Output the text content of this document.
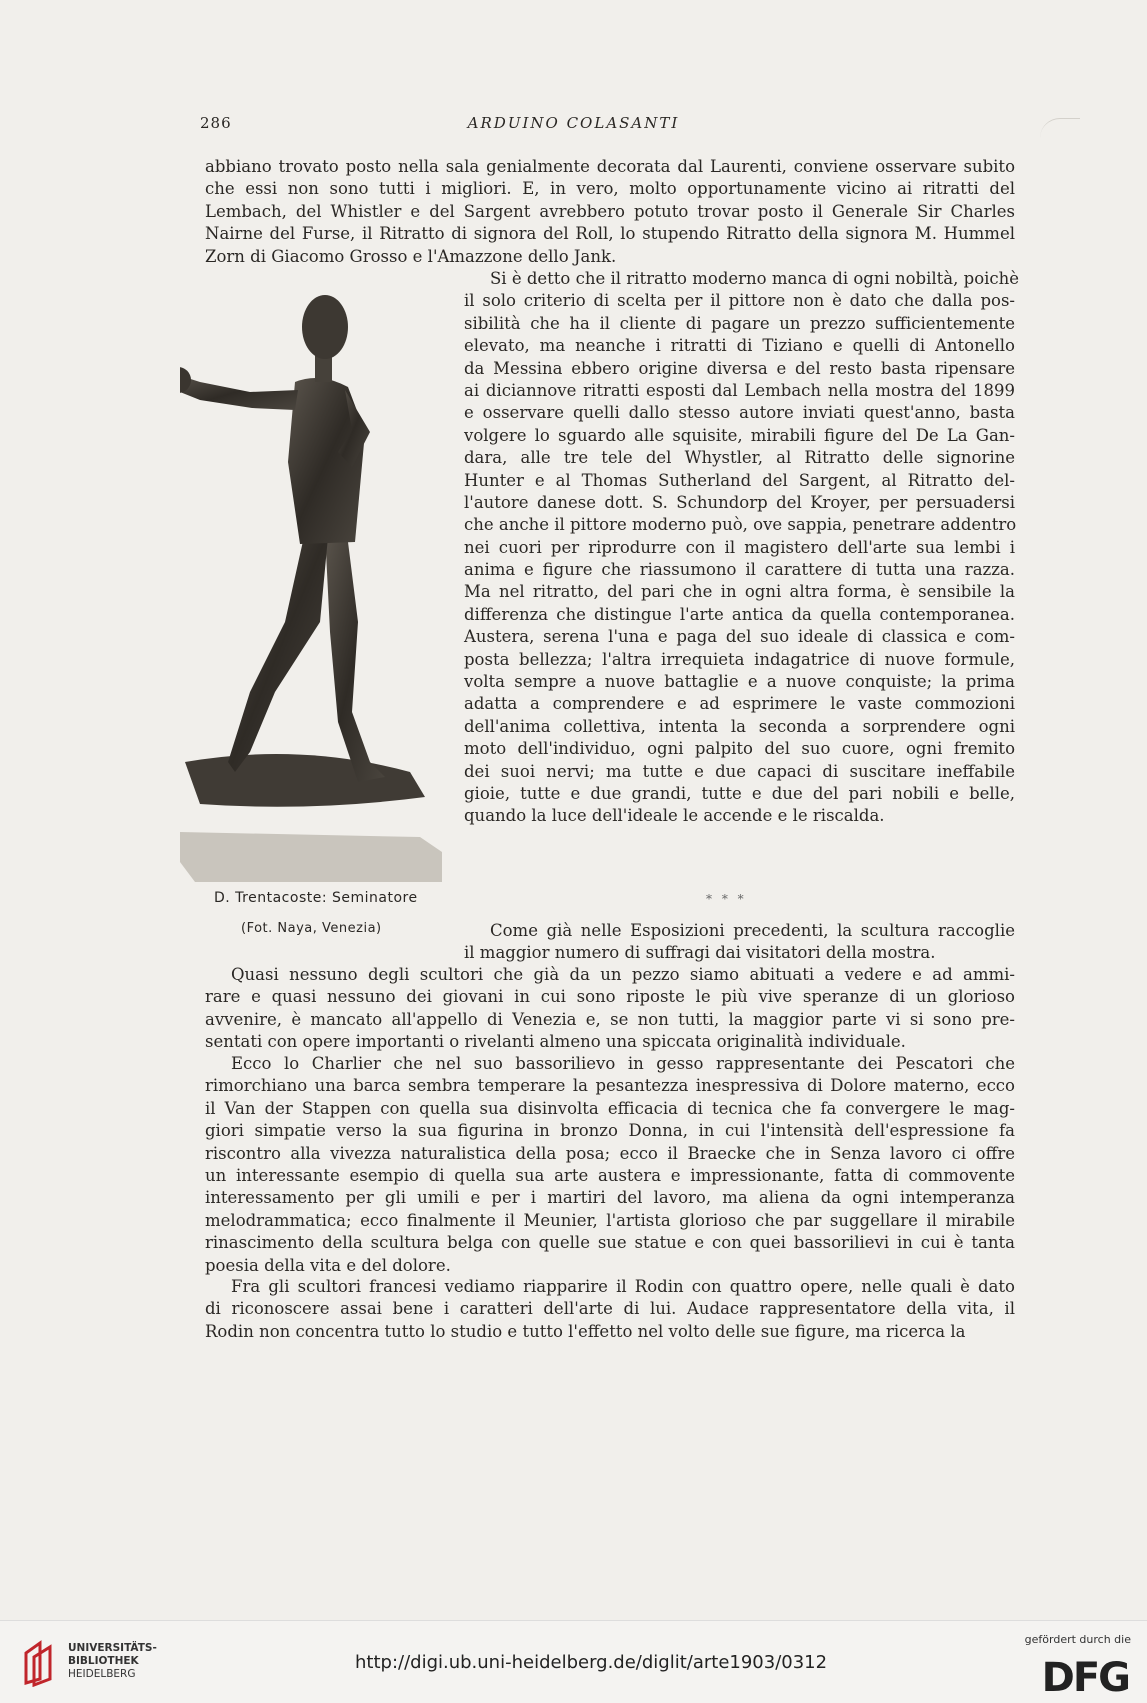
286	ARDUINO COLASANTI
abbiano trovato posto nella sala genialmente decorata dal Laurenti, conviene osservare subito
che essi non sono tutti i migliori. E, in vero, molto opportunamente vicino ai ritratti del
Lembach, del Whistler e del Sargent avrebbero potuto trovar posto il Generale Sir Charles
Nairne del Furse, il Ritratto di signora del Roll, lo stupendo Ritratto della signora M. Hummel
Zorn di Giacomo Grosso e l'Amazzone dello Jank.
Si è detto che il ritratto moderno manca di ogni nobiltà, poichè
il solo criterio di scelta per il pittore non è dato che dalla pos-
sibilità che ha il cliente di pagare un prezzo sufficientemente
elevato, ma neanche i ritratti di Tiziano e quelli di Antonello
da Messina ebbero origine diversa e del resto basta ripensare
ai diciannove ritratti esposti dal Lembach nella mostra del 1899
e osservare quelli dallo stesso autore inviati quest'anno, basta
volgere lo sguardo alle squisite, mirabili figure del De La Gan-
dara, alle tre tele del Whystler, al Ritratto delle signorine
Hunter e al Thomas Sutherland del Sargent, al Ritratto del-
l'autore danese dott. S. Schundorp del Kroyer, per persuadersi
che anche il pittore moderno può, ove sappia, penetrare addentro
nei cuori per riprodurre con il magistero dell'arte sua lembi i
anima e figure che riassumono il carattere di tutta una razza.
Ma nel ritratto, del pari che in ogni altra forma, è sensibile la
differenza che distingue l'arte antica da quella contemporanea.
Austera, serena l'una e paga del suo ideale di classica e com-
posta bellezza; l'altra irrequieta indagatrice di nuove formule,
volta sempre a nuove battaglie e a nuove conquiste; la prima
adatta a comprendere e ad esprimere le vaste commozioni
dell'anima collettiva, intenta la seconda a sorprendere ogni
moto dell'individuo, ogni palpito del suo cuore, ogni fremito
dei suoi nervi; ma tutte e due capaci di suscitare ineffabile
gioie, tutte e due grandi, tutte e due del pari nobili e belle,
quando la luce dell'ideale le accende e le riscalda.
D. Trentacoste: Seminatore
(Fot. Naya, Venezia)
* * *
Come già nelle Esposizioni precedenti, la scultura raccoglie
il maggior numero di suffragi dai visitatori della mostra.
Quasi nessuno degli scultori che già da un pezzo siamo abituati a vedere e ad ammi-
rare e quasi nessuno dei giovani in cui sono riposte le più vive speranze di un glorioso
avvenire, è mancato all'appello di Venezia e, se non tutti, la maggior parte vi si sono pre-
sentati con opere importanti o rivelanti almeno una spiccata originalità individuale.
Ecco lo Charlier che nel suo bassorilievo in gesso rappresentante dei Pescatori che
rimorchiano una barca sembra temperare la pesantezza inespressiva di Dolore materno, ecco
il Van der Stappen con quella sua disinvolta efficacia di tecnica che fa convergere le mag-
giori simpatie verso la sua figurina in bronzo Donna, in cui l'intensità dell'espressione fa
riscontro alla vivezza naturalistica della posa; ecco il Braecke che in Senza lavoro ci offre
un interessante esempio di quella sua arte austera e impressionante, fatta di commovente
interessamento per gli umili e per i martiri del lavoro, ma aliena da ogni intemperanza
melodrammatica; ecco finalmente il Meunier, l'artista glorioso che par suggellare il mirabile
rinascimento della scultura belga con quelle sue statue e con quei bassorilievi in cui è tanta
poesia della vita e del dolore.
Fra gli scultori francesi vediamo riapparire il Rodin con quattro opere, nelle quali è dato
di riconoscere assai bene i caratteri dell'arte di lui. Audace rappresentatore della vita, il
Rodin non concentra tutto lo studio e tutto l'effetto nel volto delle sue figure, ma ricerca la
UNIVERSITÄTS-
BIBLIOTHEK
HEIDELBERG
http://digi.ub.uni-heidelberg.de/diglit/arte1903/0312
gefördert durch die
DFG
